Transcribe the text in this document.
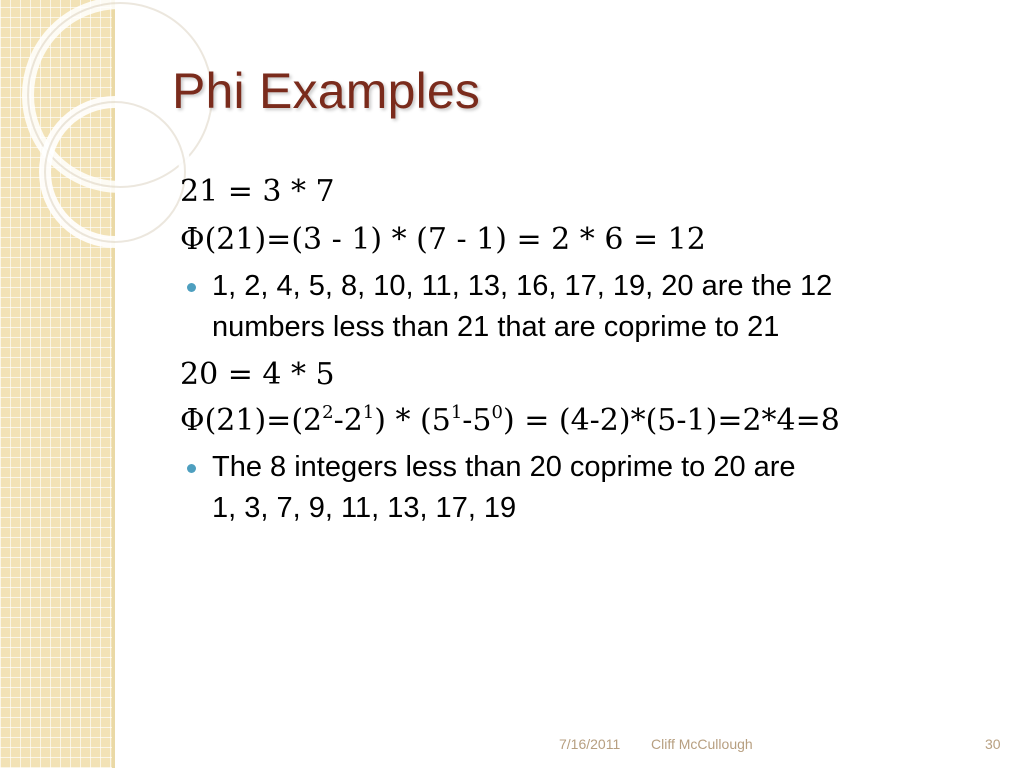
Phi Examples
21 = 3 * 7
Φ(21)=(3 - 1) * (7 - 1) = 2 * 6 = 12
1, 2, 4, 5, 8, 10, 11, 13, 16, 17, 19, 20 are the 12
numbers less than 21 that are coprime to 21
20 = 4 * 5
$\Phi(21)=(2^2-2^1) * (5^1-5^0) = (4-2)*(5-1)=2*4=8$
The 8 integers less than 20 coprime to 20 are
1, 3, 7, 9, 11, 13, 17, 19
7/16/2011 Cliff McCullough	30
